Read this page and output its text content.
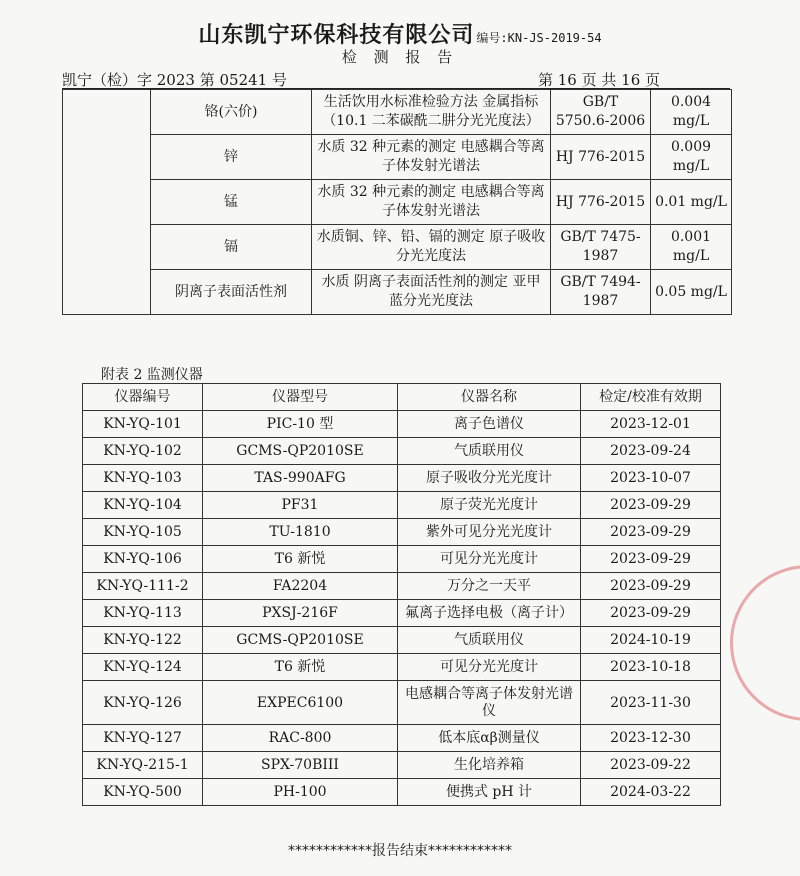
山东凯宁环保科技有限公司 编号:KN-JS-2019-54
检 测 报 告
凯宁（检）字 2023 第 05241 号	第 16 页 共 16 页
	铬(六价)	生活饮用水标准检验方法 金属指标（10.1 二苯碳酰二肼分光光度法）	GB/T 5750.6-2006	0.004 mg/L
	锌	水质 32 种元素的测定 电感耦合等离子体发射光谱法	HJ 776-2015	0.009 mg/L
	锰	水质 32 种元素的测定 电感耦合等离子体发射光谱法	HJ 776-2015	0.01 mg/L
	镉	水质铜、锌、铅、镉的测定 原子吸收分光光度法	GB/T 7475-1987	0.001 mg/L
	阴离子表面活性剂	水质 阴离子表面活性剂的测定 亚甲蓝分光光度法	GB/T 7494-1987	0.05 mg/L
附表 2 监测仪器
仪器编号	仪器型号	仪器名称	检定/校准有效期
KN-YQ-101	PIC-10 型	离子色谱仪	2023-12-01
KN-YQ-102	GCMS-QP2010SE	气质联用仪	2023-09-24
KN-YQ-103	TAS-990AFG	原子吸收分光光度计	2023-10-07
KN-YQ-104	PF31	原子荧光光度计	2023-09-29
KN-YQ-105	TU-1810	紫外可见分光光度计	2023-09-29
KN-YQ-106	T6 新悦	可见分光光度计	2023-09-29
KN-YQ-111-2	FA2204	万分之一天平	2023-09-29
KN-YQ-113	PXSJ-216F	氟离子选择电极（离子计）	2023-09-29
KN-YQ-122	GCMS-QP2010SE	气质联用仪	2024-10-19
KN-YQ-124	T6 新悦	可见分光光度计	2023-10-18
KN-YQ-126	EXPEC6100	电感耦合等离子体发射光谱仪	2023-11-30
KN-YQ-127	RAC-800	低本底αβ测量仪	2023-12-30
KN-YQ-215-1	SPX-70BIII	生化培养箱	2023-09-22
KN-YQ-500	PH-100	便携式 pH 计	2024-03-22
************报告结束************
